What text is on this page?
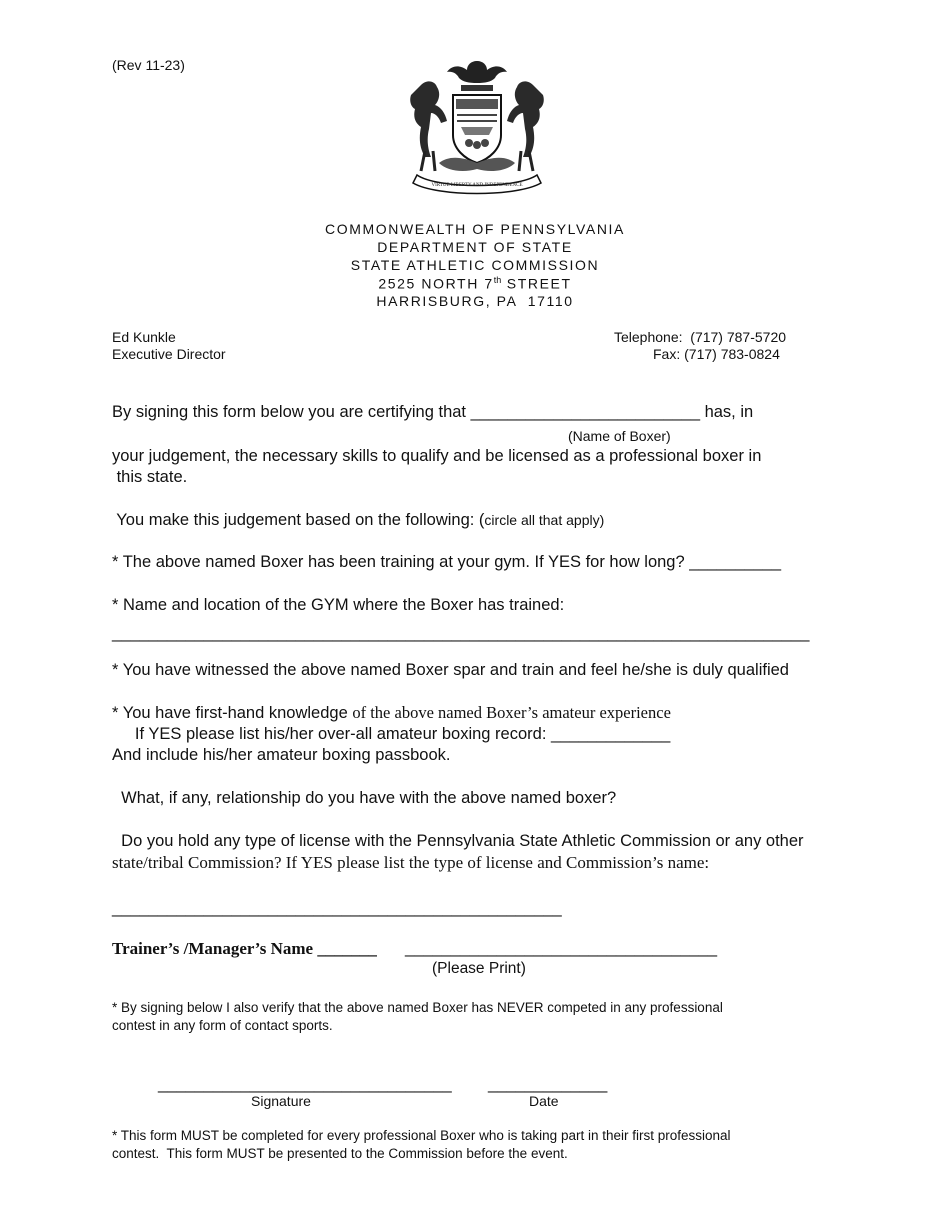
(Rev 11-23)
VIRTUE LIBERTY AND INDEPENDENCE
COMMONWEALTH OF PENNSYLVANIA
DEPARTMENT OF STATE
STATE ATHLETIC COMMISSION
2525 NORTH 7th STREET
HARRISBURG, PA  17110
Ed Kunkle
Executive Director
Telephone:  (717) 787-5720
Fax: (717) 783-0824
By signing this form below you are certifying that _________________________ has, in
(Name of Boxer)
your judgement, the necessary skills to qualify and be licensed as a professional boxer in
this state.
You make this judgement based on the following: (circle all that apply)
* The above named Boxer has been training at your gym. If YES for how long? __________
* Name and location of the GYM where the Boxer has trained:
____________________________________________________________________________
* You have witnessed the above named Boxer spar and train and feel he/she is duly qualified
* You have first-hand knowledge of the above named Boxer’s amateur experience
If YES please list his/her over-all amateur boxing record: _____________
And include his/her amateur boxing passbook.
What, if any, relationship do you have with the above named boxer?
Do you hold any type of license with the Pennsylvania State Athletic Commission or any other
state/tribal Commission? If YES please list the type of license and Commission’s name:
_________________________________________________
Trainer’s /Manager’s Name _______ __________________________________
(Please Print)
* By signing below I also verify that the above named Boxer has NEVER competed in any professional
contest in any form of contact sports.
________________________________
Signature
_____________
Date
* This form MUST be completed for every professional Boxer who is taking part in their first professional
contest.  This form MUST be presented to the Commission before the event.
